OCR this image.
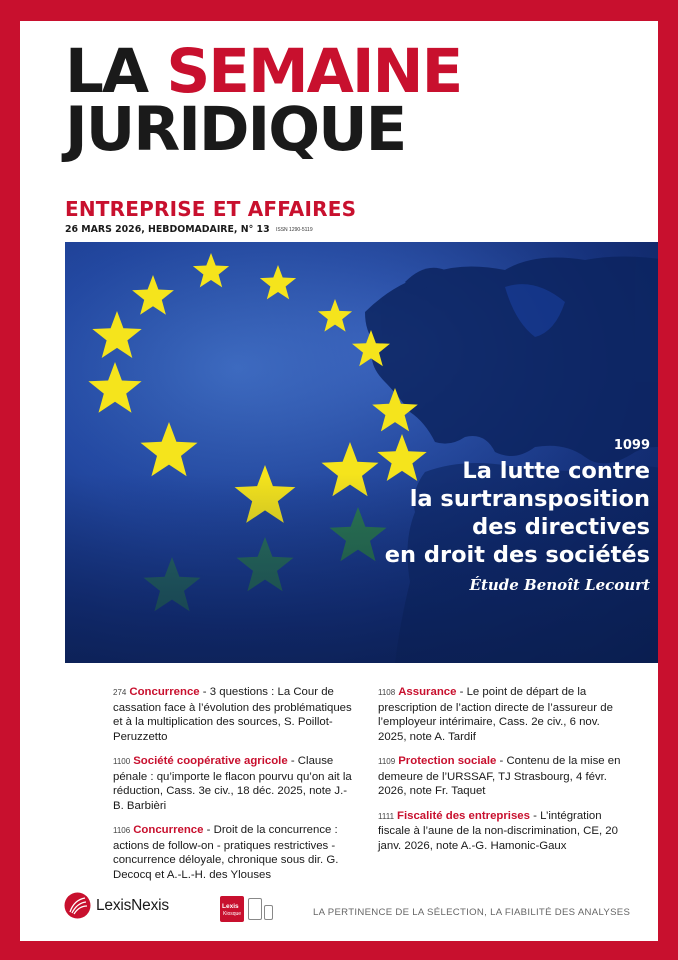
LA SEMAINE
JURIDIQUE
ENTREPRISE ET AFFAIRES
26 MARS 2026, HEBDOMADAIRE, N° 13 ISSN 1290-5119
1099
La lutte contre
la surtransposition
des directives
en droit des sociétés
Étude Benoît Lecourt

274 Concurrence - 3 questions : La Cour de cassation face à l’évolution des problématiques et à la multiplication des sources, S. Poillot-Peruzzetto

1100 Société coopérative agricole - Clause pénale : qu’importe le flacon pourvu qu’on ait la réduction, Cass. 3e civ., 18 déc. 2025, note J.-B. Barbièri

1106 Concurrence - Droit de la concurrence : actions de follow-on - pratiques restrictives - concurrence déloyale, chronique sous dir. G. Decocq et A.-L.-H. des Ylouses

1108 Assurance - Le point de départ de la prescription de l’action directe de l’assureur de l’employeur intérimaire, Cass. 2e civ., 6 nov. 2025, note A. Tardif

1109 Protection sociale - Contenu de la mise en demeure de l’URSSAF, TJ Strasbourg, 4 févr. 2026, note Fr. Taquet

1111 Fiscalité des entreprises - L’intégration fiscale à l’aune de la non-discrimination, CE, 20 janv. 2026, note A.-G. Hamonic-Gaux

LexisNexis	Lexis
Kiosque	LA PERTINENCE DE LA SÉLECTION, LA FIABILITÉ DES ANALYSES
